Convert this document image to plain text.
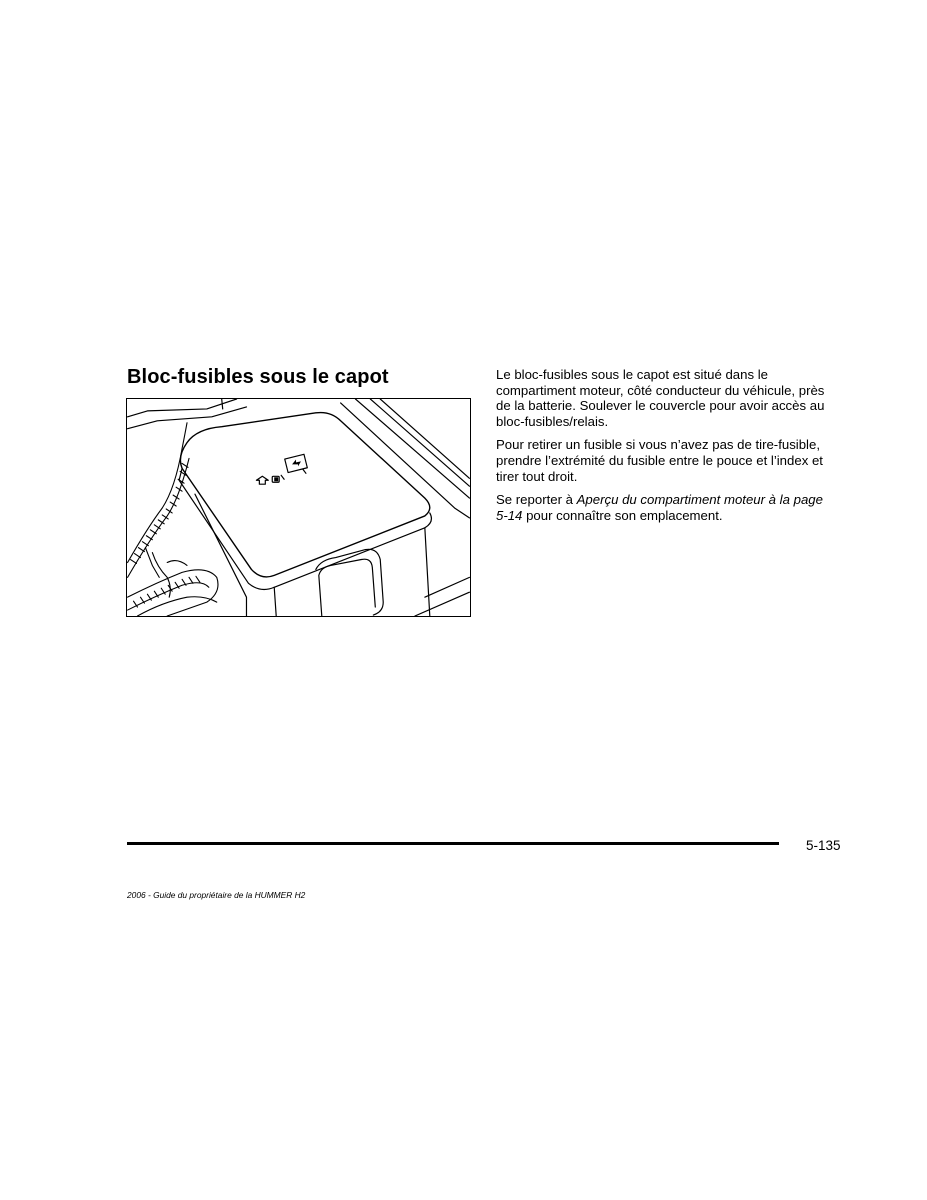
Bloc-fusibles sous le capot	Le bloc-fusibles sous le capot est situé dans le compartiment moteur, côté conducteur du véhicule, près de la batterie. Soulever le couvercle pour avoir accès au bloc-fusibles/relais.

Pour retirer un fusible si vous n’avez pas de tire-fusible, prendre l’extrémité du fusible entre le pouce et l’index et tirer tout droit.

Se reporter à Aperçu du compartiment moteur à la page 5-14 pour connaître son emplacement.

5-135
2006 - Guide du propriétaire de la HUMMER H2
